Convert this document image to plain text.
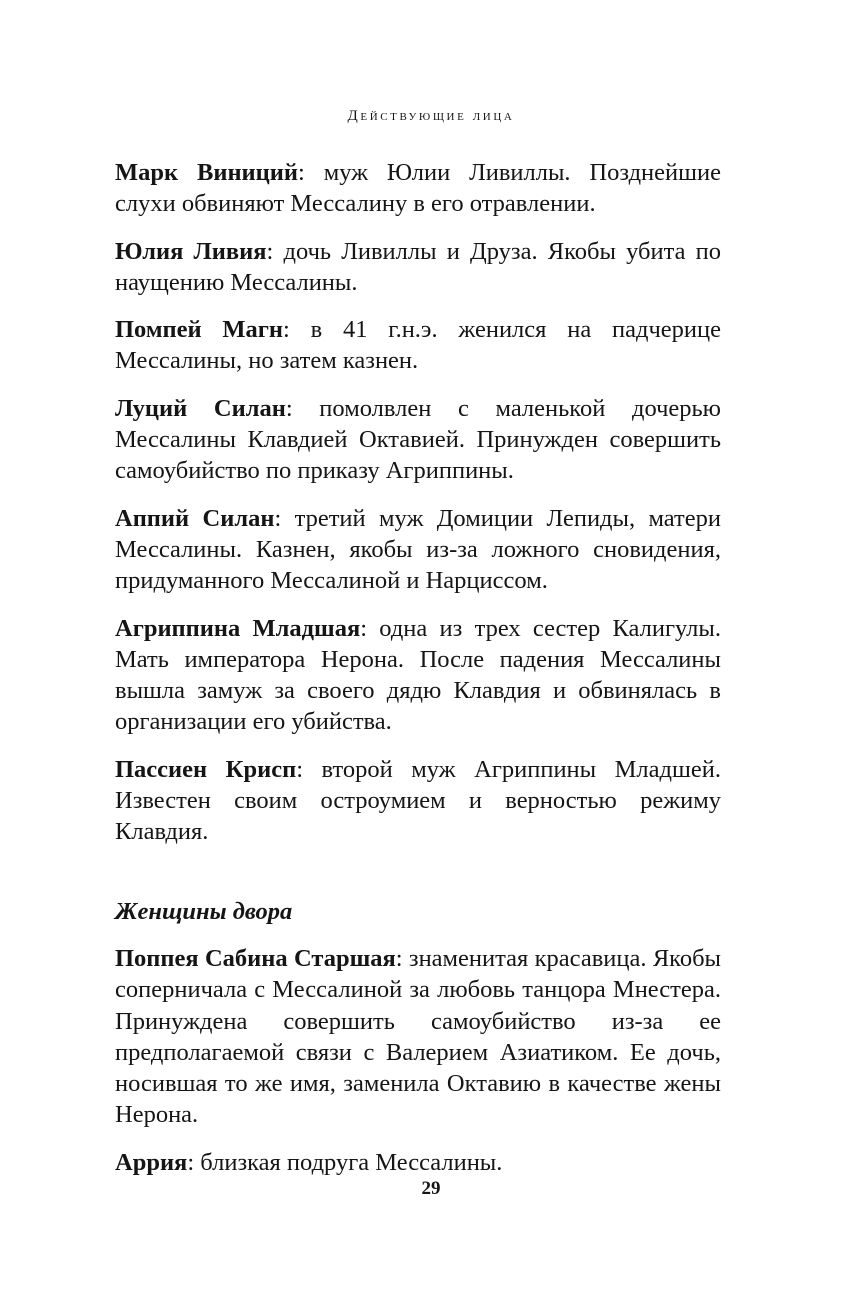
Действующие лица

Марк Виниций: муж Юлии Ливиллы. Позднейшие слухи обвиняют Мессалину в его отравлении.

Юлия Ливия: дочь Ливиллы и Друза. Якобы убита по наущению Мессалины.

Помпей Магн: в 41 г.н.э. женился на падчерице Мессалины, но затем казнен.

Луций Силан: помолвлен с маленькой дочерью Мессалины Клавдией Октавией. Принужден совершить самоубийство по приказу Агриппины.

Аппий Силан: третий муж Домиции Лепиды, матери Мессалины. Казнен, якобы из-за ложного сновидения, придуманного Мессалиной и Нарциссом.

Агриппина Младшая: одна из трех сестер Калигулы. Мать императора Нерона. После падения Мессалины вышла замуж за своего дядю Клавдия и обвинялась в организации его убийства.

Пассиен Крисп: второй муж Агриппины Младшей. Известен своим остроумием и верностью режиму Клавдия.

Женщины двора

Поппея Сабина Старшая: знаменитая красавица. Якобы соперничала с Мессалиной за любовь танцора Мнестера. Принуждена совершить самоубийство из-за ее предполагаемой связи с Валерием Азиатиком. Ее дочь, носившая то же имя, заменила Октавию в качестве жены Нерона.

Аррия: близкая подруга Мессалины.

29
